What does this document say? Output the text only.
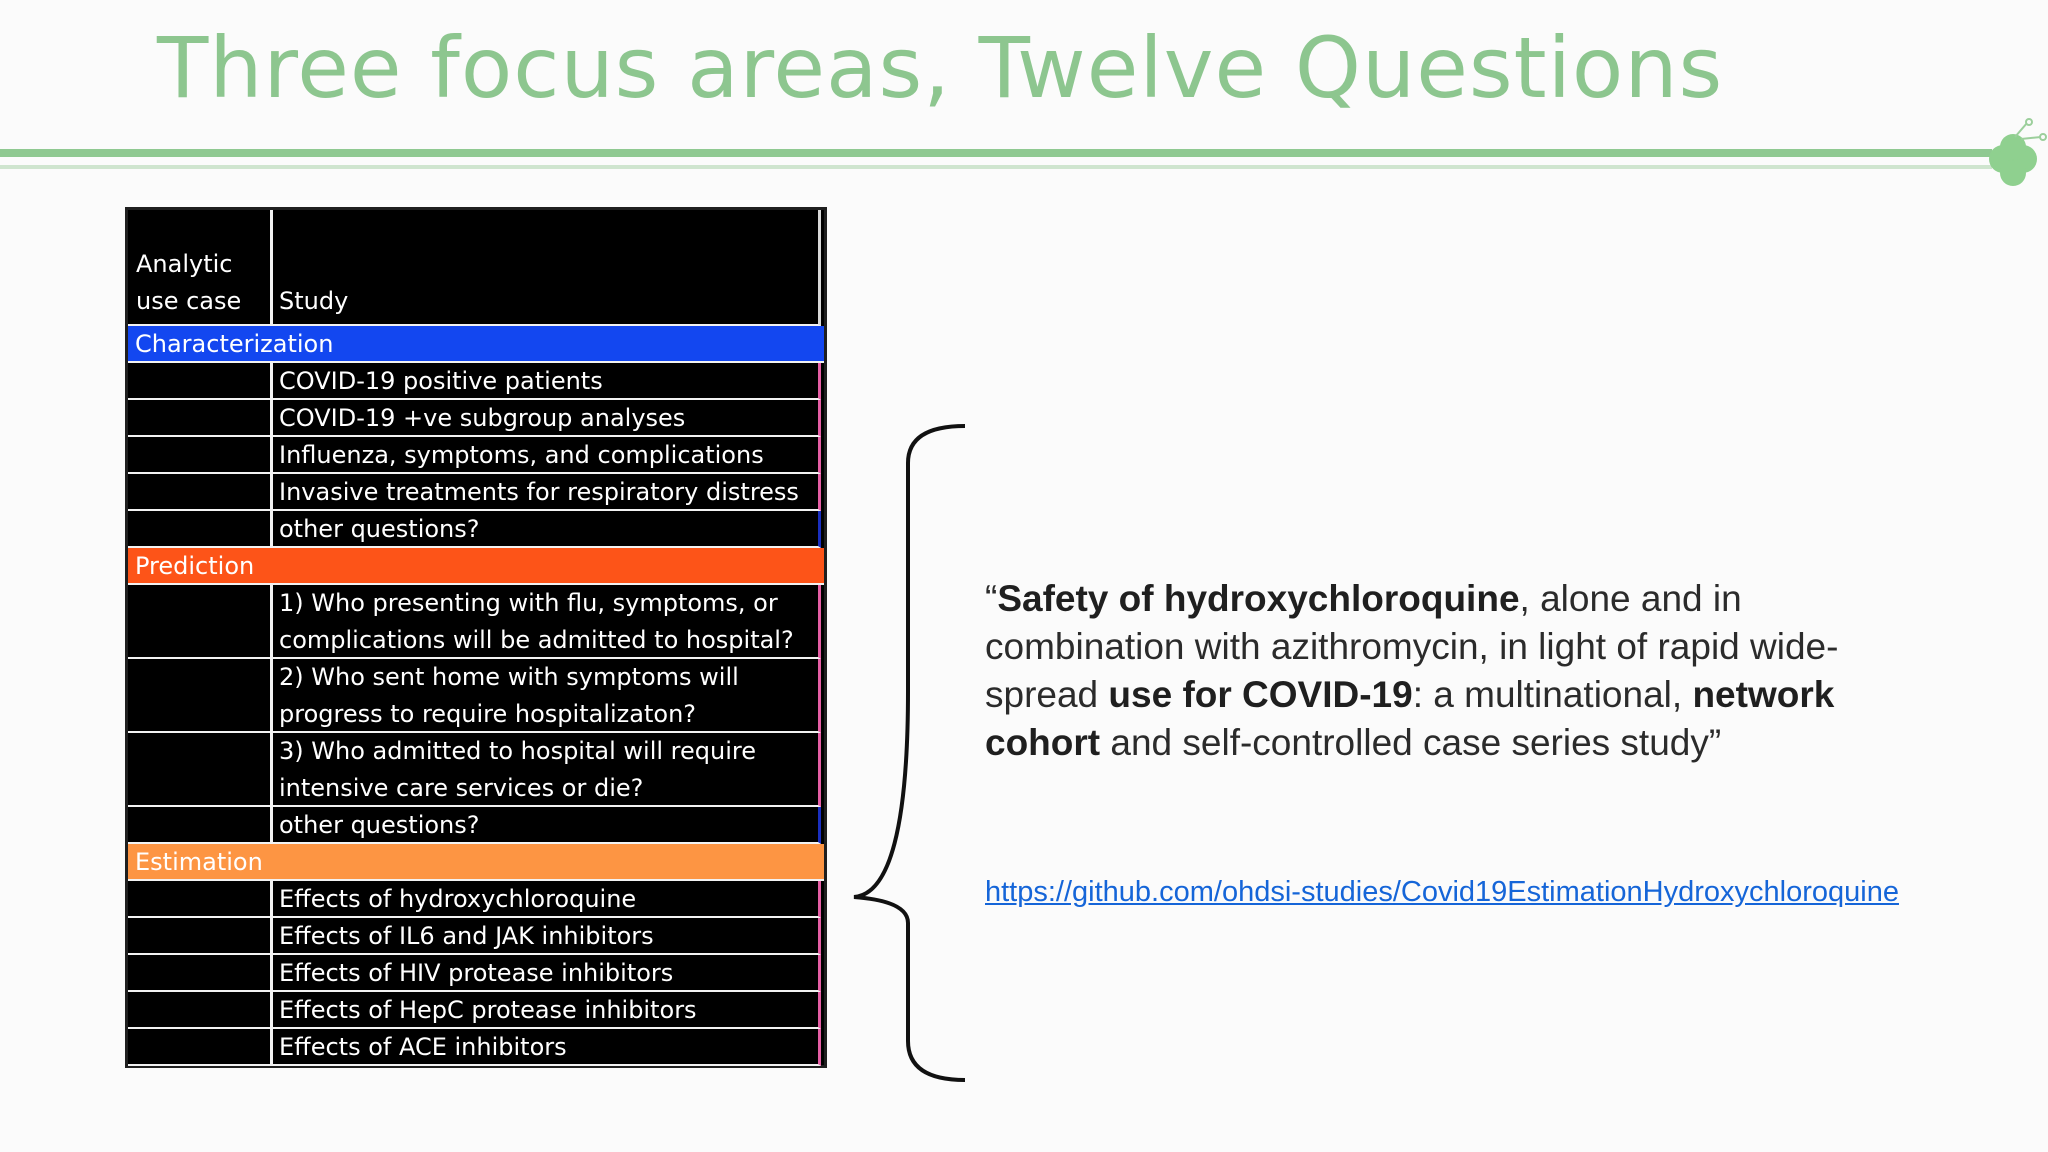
Three focus areas, Twelve Questions
Analytic use case	Study
Characterization
COVID-19 positive patients
COVID-19 +ve subgroup analyses
Influenza, symptoms, and complications
Invasive treatments for respiratory distress
other questions?
Prediction
1) Who presenting with flu, symptoms, or complications will be admitted to hospital?
2) Who sent home with symptoms will progress to require hospitalizaton?
3) Who admitted to hospital will require intensive care services or die?
other questions?
Estimation
Effects of hydroxychloroquine
Effects of IL6 and JAK inhibitors
Effects of HIV protease inhibitors
Effects of HepC protease inhibitors
Effects of ACE inhibitors
“Safety of hydroxychloroquine, alone and in combination with azithromycin, in light of rapid wide-spread use for COVID-19: a multinational, network cohort and self-controlled case series study”
https://github.com/ohdsi-studies/Covid19EstimationHydroxychloroquine
